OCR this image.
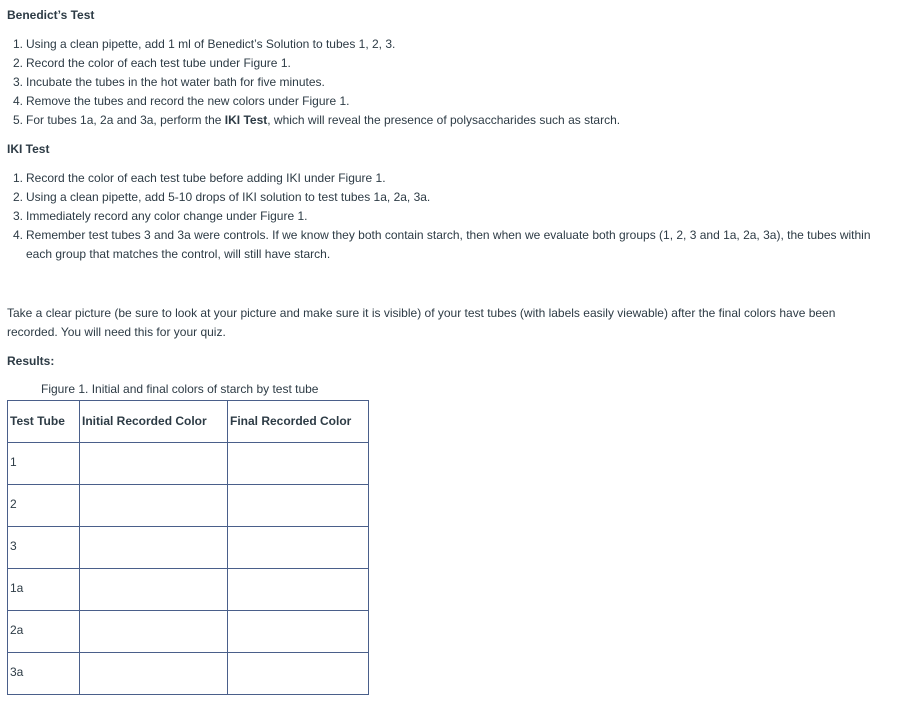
Benedict’s Test

1. Using a clean pipette, add 1 ml of Benedict’s Solution to tubes 1, 2, 3.
2. Record the color of each test tube under Figure 1.
3. Incubate the tubes in the hot water bath for five minutes.
4. Remove the tubes and record the new colors under Figure 1.
5. For tubes 1a, 2a and 3a, perform the IKI Test, which will reveal the presence of polysaccharides such as starch.

IKI Test

1. Record the color of each test tube before adding IKI under Figure 1.
2. Using a clean pipette, add 5-10 drops of IKI solution to test tubes 1a, 2a, 3a.
3. Immediately record any color change under Figure 1.
4. Remember test tubes 3 and 3a were controls. If we know they both contain starch, then when we evaluate both groups (1, 2, 3 and 1a, 2a, 3a), the tubes within each group that matches the control, will still have starch.

Take a clear picture (be sure to look at your picture and make sure it is visible) of your test tubes (with labels easily viewable) after the final colors have been recorded. You will need this for your quiz.

Results:

Figure 1. Initial and final colors of starch by test tube

Test Tube	Initial Recorded Color	Final Recorded Color
1		
2		
3		
1a		
2a		
3a		
